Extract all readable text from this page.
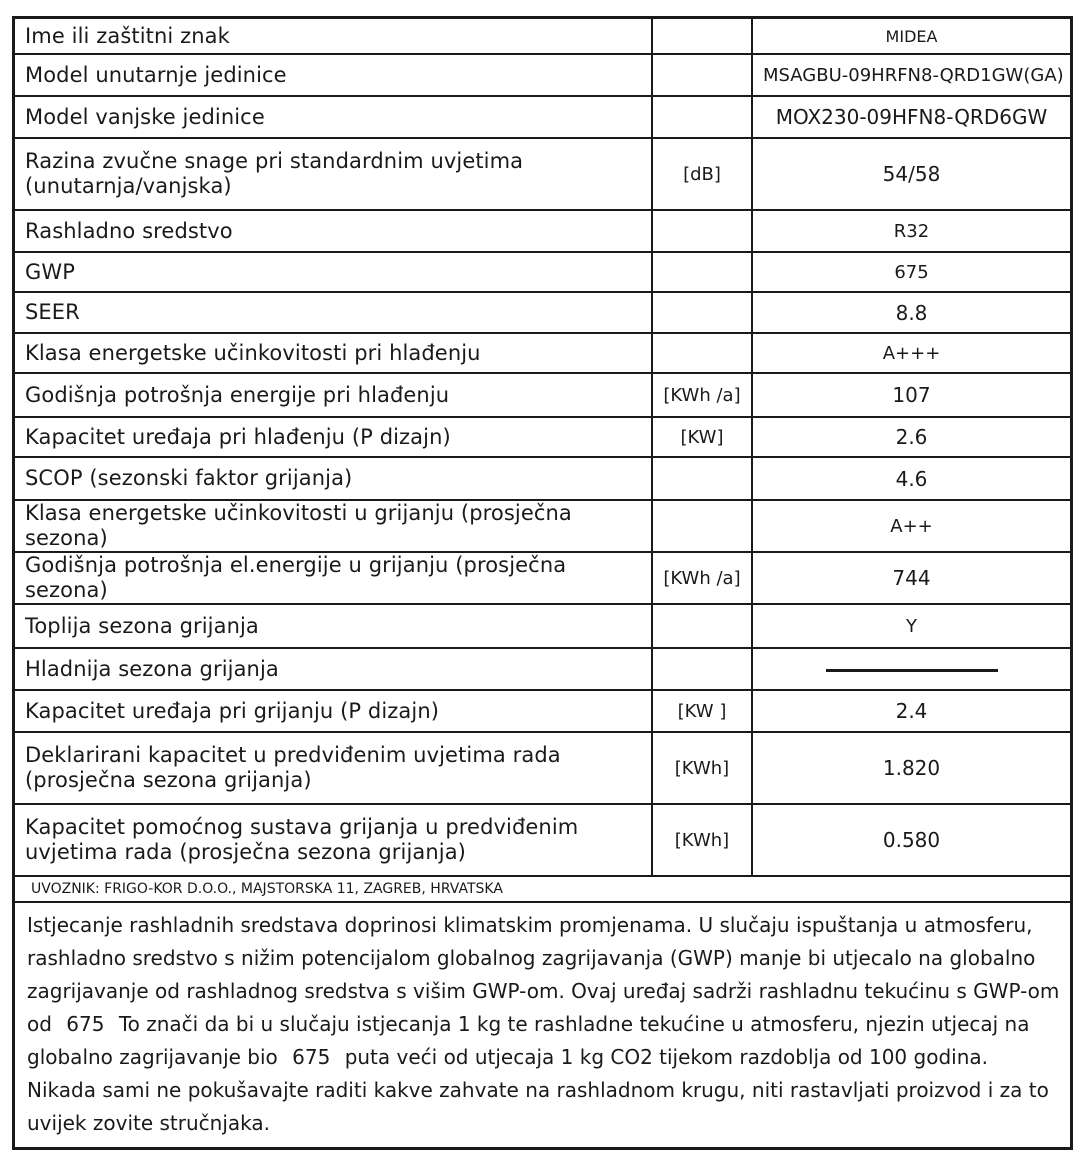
Ime ili zaštitni znak		MIDEA
Model unutarnje jedinice		MSAGBU-09HRFN8-QRD1GW(GA)
Model vanjske jedinice		MOX230-09HFN8-QRD6GW
Razina zvučne snage pri standardnim uvjetima
(unutarnja/vanjska)	[dB]	54/58
Rashladno sredstvo		R32
GWP		675
SEER		8.8
Klasa energetske učinkovitosti pri hlađenju		A+++
Godišnja potrošnja energije pri hlađenju	[KWh /a]	107
Kapacitet uređaja pri hlađenju (P dizajn)	[KW]	2.6
SCOP (sezonski faktor grijanja)		4.6
Klasa energetske učinkovitosti u grijanju (prosječna sezona)		A++
Godišnja potrošnja el.energije u grijanju (prosječna sezona)	[KWh /a]	744
Toplija sezona grijanja		Y
Hladnija sezona grijanja		
Kapacitet uređaja pri grijanju (P dizajn)	[KW ]	2.4
Deklarirani kapacitet u predviđenim uvjetima rada
(prosječna sezona grijanja)	[KWh]	1.820
Kapacitet pomoćnog sustava grijanja u predviđenim
uvjetima rada (prosječna sezona grijanja)	[KWh]	0.580
UVOZNIK: FRIGO-KOR D.O.O., MAJSTORSKA 11, ZAGREB, HRVATSKA
Istjecanje rashladnih sredstava doprinosi klimatskim promjenama. U slučaju ispuštanja u atmosferu, rashladno sredstvo s nižim potencijalom globalnog zagrijavanja (GWP) manje bi utjecalo na globalno zagrijavanje od rashladnog sredstva s višim GWP-om. Ovaj uređaj sadrži rashladnu tekućinu s GWP-om od 675 To znači da bi u slučaju istjecanja 1 kg te rashladne tekućine u atmosferu, njezin utjecaj na globalno zagrijavanje bio 675 puta veći od utjecaja 1 kg CO2 tijekom razdoblja od 100 godina. Nikada sami ne pokušavajte raditi kakve zahvate na rashladnom krugu, niti rastavljati proizvod i za to uvijek zovite stručnjaka.
